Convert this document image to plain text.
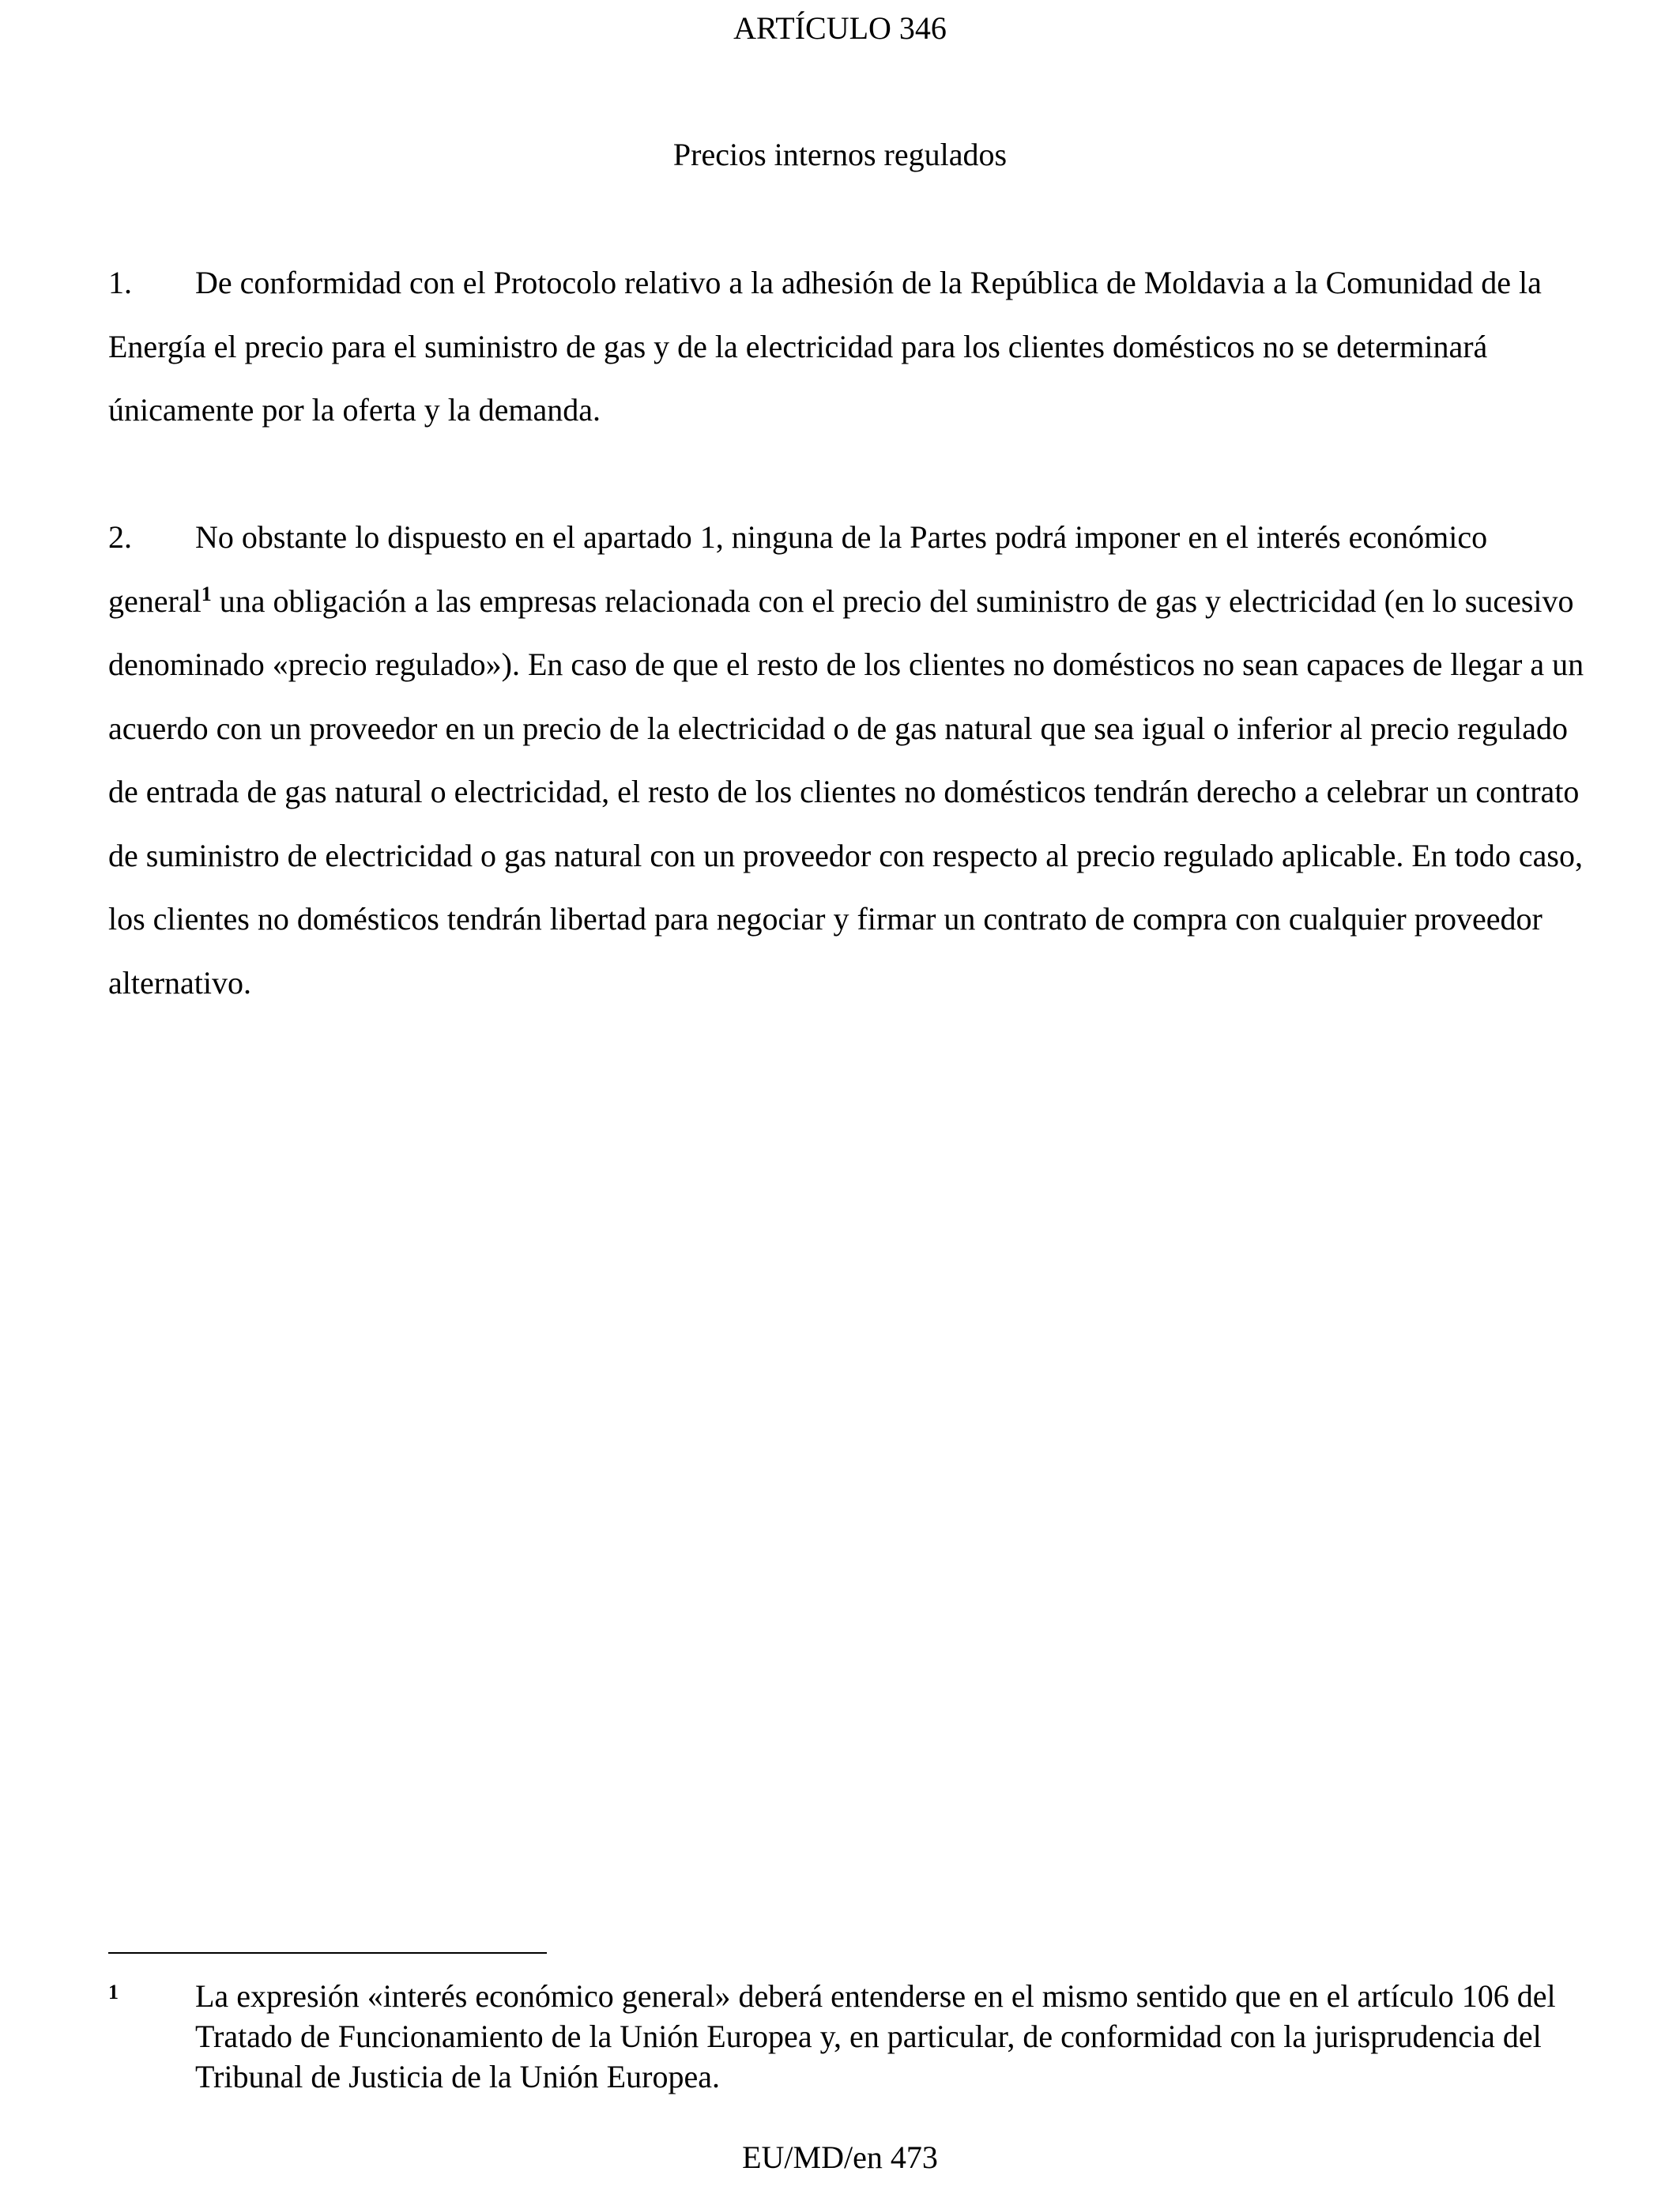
ARTÍCULO 346
Precios internos regulados

1. De conformidad con el Protocolo relativo a la adhesión de la República de Moldavia a la Comunidad de la Energía el precio para el suministro de gas y de la electricidad para los clientes domésticos no se determinará únicamente por la oferta y la demanda.

2. No obstante lo dispuesto en el apartado 1, ninguna de la Partes podrá imponer en el interés económico general$^1$ una obligación a las empresas relacionada con el precio del suministro de gas y electricidad (en lo sucesivo denominado «precio regulado»). En caso de que el resto de los clientes no domésticos no sean capaces de llegar a un acuerdo con un proveedor en un precio de la electricidad o de gas natural que sea igual o inferior al precio regulado de entrada de gas natural o electricidad, el resto de los clientes no domésticos tendrán derecho a celebrar un contrato de suministro de electricidad o gas natural con un proveedor con respecto al precio regulado aplicable. En todo caso, los clientes no domésticos tendrán libertad para negociar y firmar un contrato de compra con cualquier proveedor alternativo.

1 La expresión «interés económico general» deberá entenderse en el mismo sentido que en el artículo 106 del Tratado de Funcionamiento de la Unión Europea y, en particular, de conformidad con la jurisprudencia del Tribunal de Justicia de la Unión Europea.
EU/MD/en 473
